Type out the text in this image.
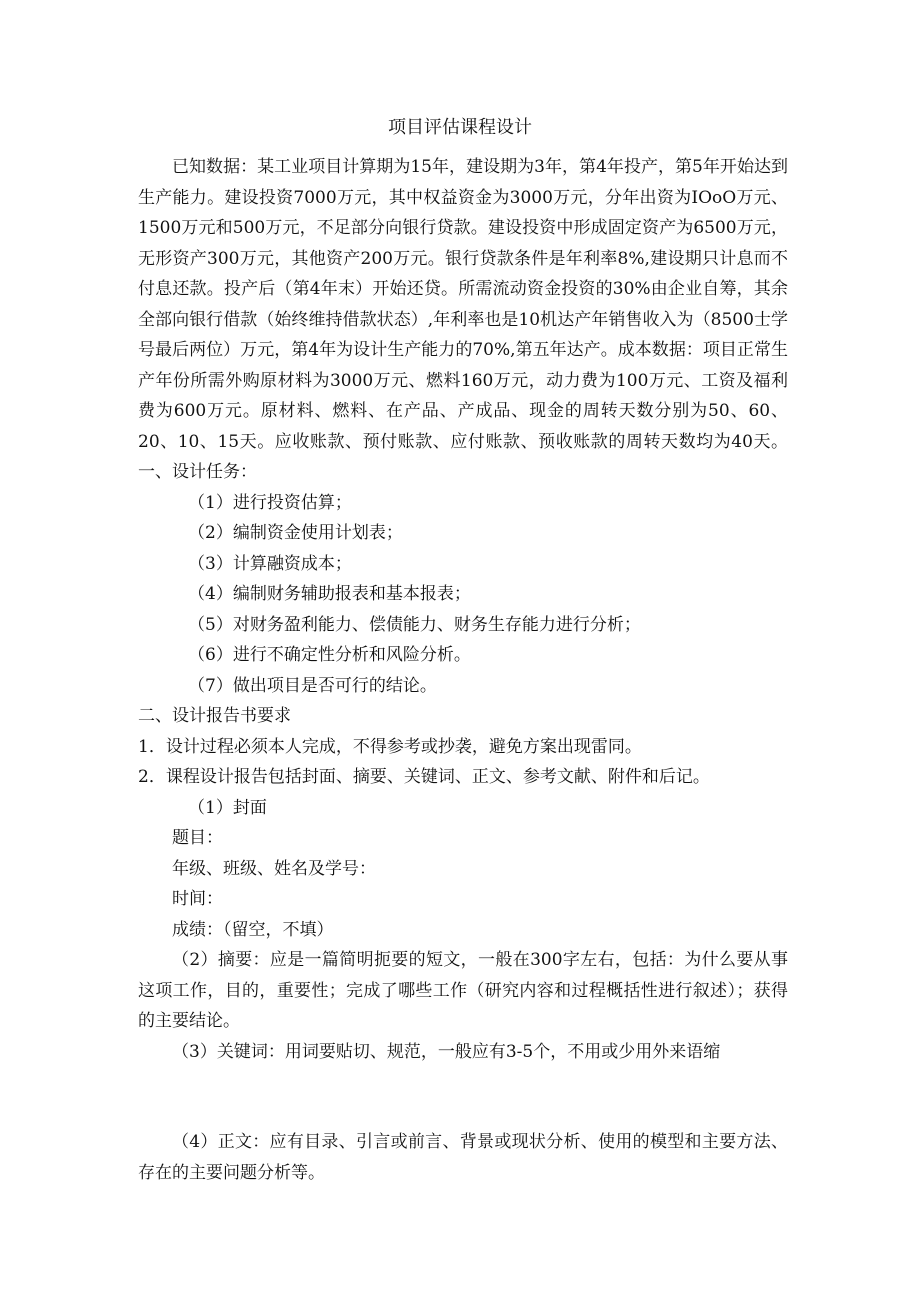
项目评估课程设计

已知数据：某工业项目计算期为15年，建设期为3年，第4年投产，第5年开始达到生产能力。建设投资7000万元，其中权益资金为3000万元，分年出资为IOoO万元、1500万元和500万元，不足部分向银行贷款。建设投资中形成固定资产为6500万元，无形资产300万元，其他资产200万元。银行贷款条件是年利率8%,建设期只计息而不付息还款。投产后（第4年末）开始还贷。所需流动资金投资的30%由企业自筹，其余全部向银行借款（始终维持借款状态）,年利率也是10机达产年销售收入为（8500士学号最后两位）万元，第4年为设计生产能力的70%,第五年达产。成本数据：项目正常生产年份所需外购原材料为3000万元、燃料160万元，动力费为100万元、工资及福利费为600万元。原材料、燃料、在产品、产成品、现金的周转天数分别为50、60、20、10、15天。应收账款、预付账款、应付账款、预收账款的周转天数均为40天。一、设计任务：

（1）进行投资估算；

（2）编制资金使用计划表；

（3）计算融资成本；

（4）编制财务辅助报表和基本报表；

（5）对财务盈利能力、偿债能力、财务生存能力进行分析；

（6）进行不确定性分析和风险分析。

（7）做出项目是否可行的结论。

二、设计报告书要求

1．设计过程必须本人完成，不得参考或抄袭，避免方案出现雷同。

2．课程设计报告包括封面、摘要、关键词、正文、参考文献、附件和后记。

（1）封面

题目：

年级、班级、姓名及学号：

时间：

成绩：（留空，不填）

（2）摘要：应是一篇简明扼要的短文，一般在300字左右，包括：为什么要从事这项工作，目的，重要性；完成了哪些工作（研究内容和过程概括性进行叙述）；获得的主要结论。

（3）关键词：用词要贴切、规范，一般应有3-5个，不用或少用外来语缩

（4）正文：应有目录、引言或前言、背景或现状分析、使用的模型和主要方法、存在的主要问题分析等。
